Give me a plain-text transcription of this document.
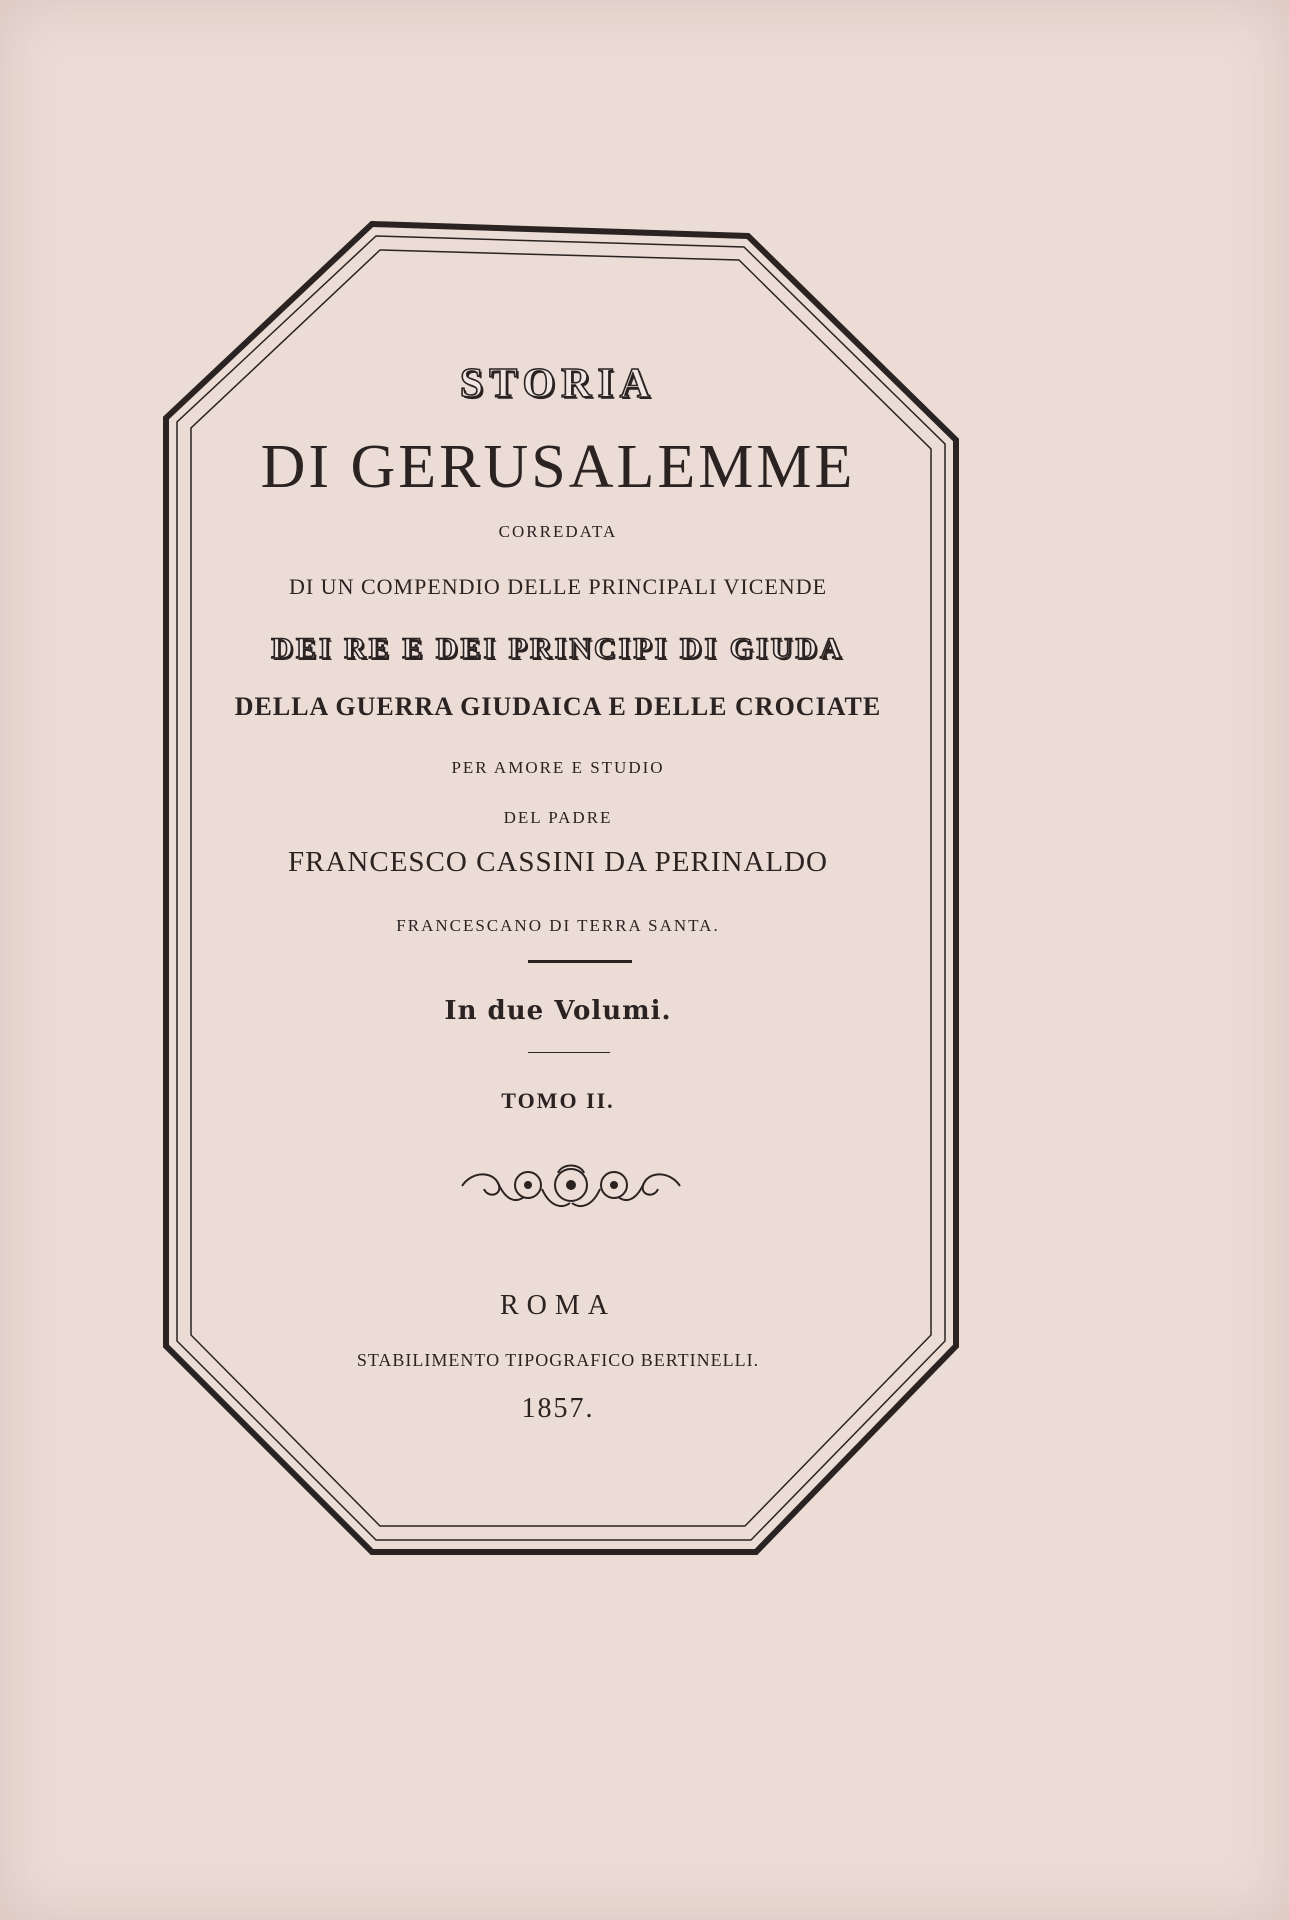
STORIA
DI GERUSALEMME
CORREDATA
DI UN COMPENDIO DELLE PRINCIPALI VICENDE
DEI RE E DEI PRINCIPI DI GIUDA
DELLA GUERRA GIUDAICA E DELLE CROCIATE
PER AMORE E STUDIO
DEL PADRE
FRANCESCO CASSINI DA PERINALDO
FRANCESCANO DI TERRA SANTA.
In due Volumi.
TOMO II.
ROMA
STABILIMENTO TIPOGRAFICO BERTINELLI.
1857.
